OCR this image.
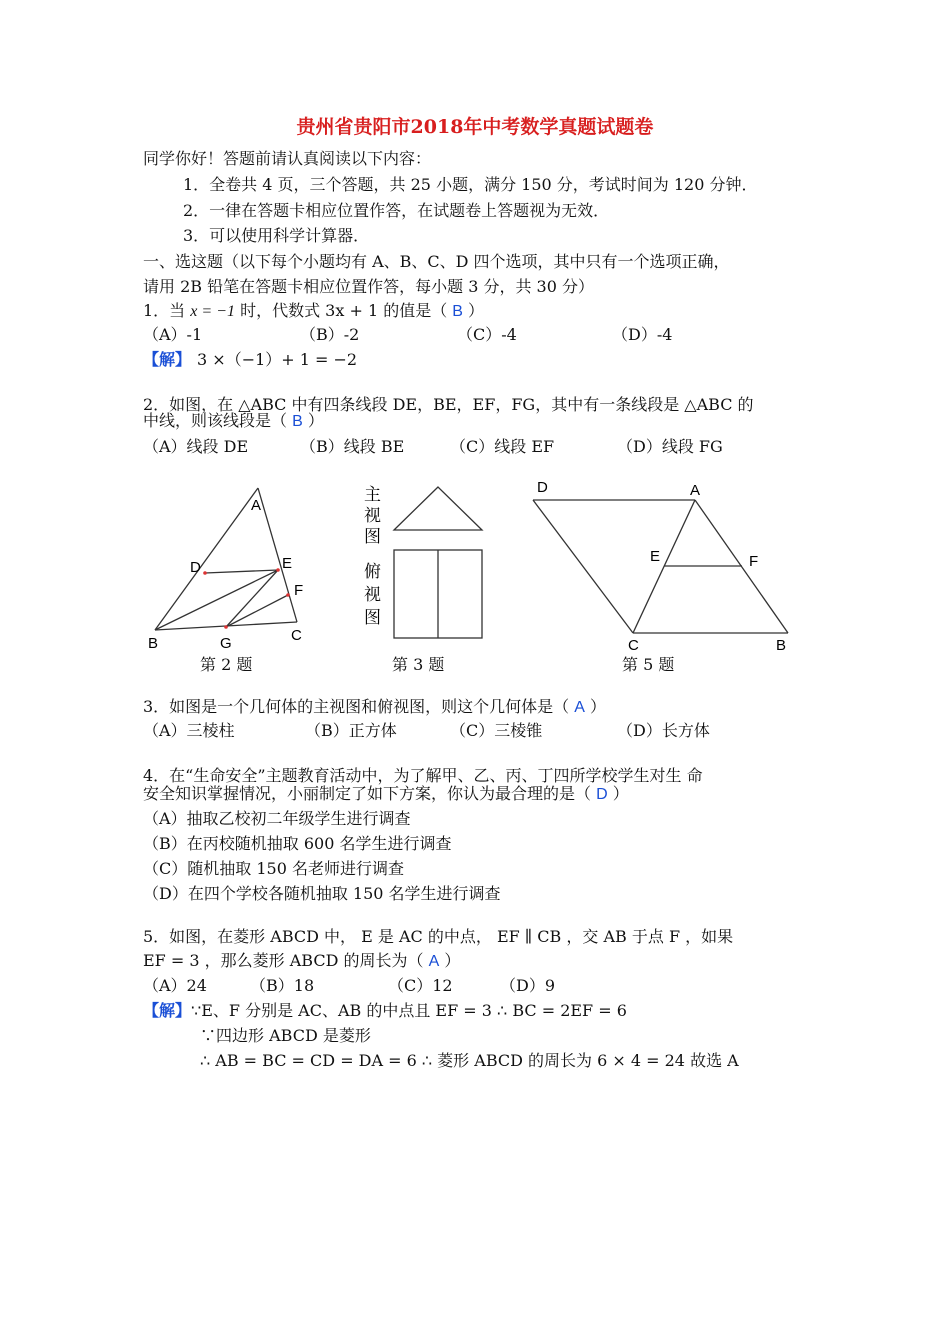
贵州省贵阳市2018年中考数学真题试题卷
同学你好！答题前请认真阅读以下内容：
1．全卷共 4 页，三个答题，共 25 小题，满分 150 分，考试时间为 120 分钟．
2．一律在答题卡相应位置作答，在试题卷上答题视为无效．
3．可以使用科学计算器．
一、选这题（以下每个小题均有 A、B、C、D 四个选项，其中只有一个选项正确，
请用 2B 铅笔在答题卡相应位置作答，每小题 3 分，共 30 分）
1．当 x = −1 时，代数式 3x + 1 的值是（ B ）
（A）-1	（B）-2	（C）-4	（D）-4
【解】 3 ×（−1）+ 1 = −2
2．如图，在 △ABC 中有四条线段 DE，BE，EF，FG，其中有一条线段是 △ABC 的
中线，则该线段是（ B ）
（A）线段 DE	（B）线段 BE	（C）线段 EF	（D）线段 FG
A
D	E
F
B	G	C
主
视
图
俯
视
图
D	A
E	F
C	B
第 2 题	第 3 题	第 5 题
3．如图是一个几何体的主视图和俯视图，则这个几何体是（ A ）
（A）三棱柱	（B）正方体	（C）三棱锥	（D）长方体
4．在“生命安全”主题教育活动中，为了解甲、乙、丙、丁四所学校学生对生 命
安全知识掌握情况，小丽制定了如下方案，你认为最合理的是（ D ）
（A）抽取乙校初二年级学生进行调查
（B）在丙校随机抽取 600 名学生进行调查
（C）随机抽取 150 名老师进行调查
（D）在四个学校各随机抽取 150 名学生进行调查
5．如图，在菱形 ABCD 中， E 是 AC 的中点， EF ∥ CB ，交 AB 于点 F ，如果
EF = 3 ，那么菱形 ABCD 的周长为（ A ）
（A）24	（B）18	（C）12	（D）9
【解】∵E、F 分别是 AC、AB 的中点且 EF = 3 ∴ BC = 2EF = 6
∵四边形 ABCD 是菱形
∴ AB = BC = CD = DA = 6 ∴ 菱形 ABCD 的周长为 6 × 4 = 24 故选 A
